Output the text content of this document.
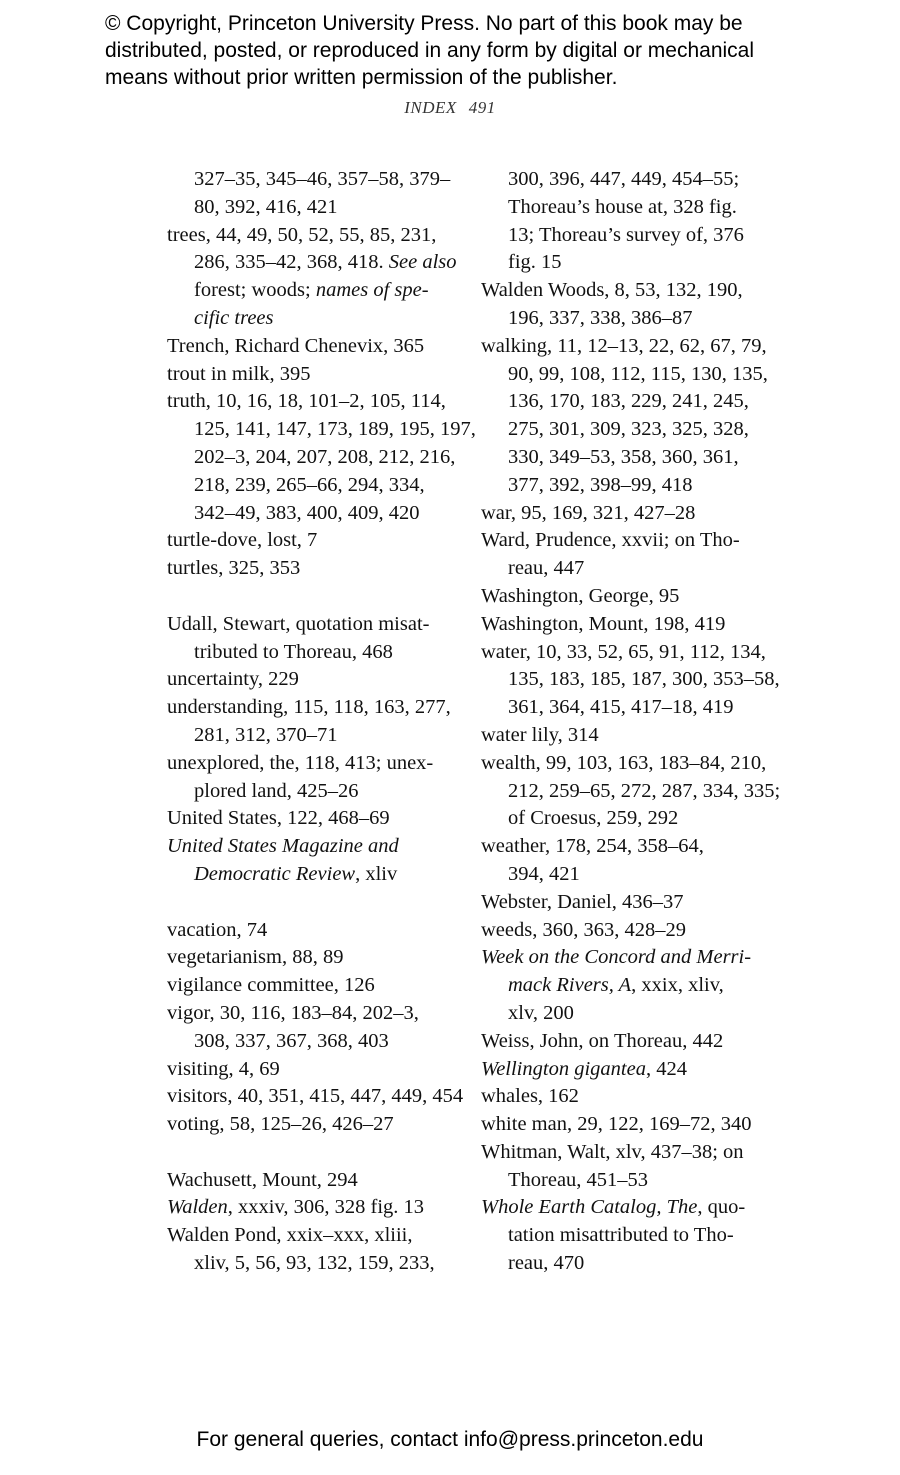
© Copyright, Princeton University Press. No part of this book may be

distributed, posted, or reproduced in any form by digital or mechanical

means without prior written permission of the publisher.

INDEX 491
327–35, 345–46, 357–58, 379–
80, 392, 416, 421
trees, 44, 49, 50, 52, 55, 85, 231,
286, 335–42, 368, 418. See also
forest; woods; names of spe-
cific trees
Trench, Richard Chenevix, 365
trout in milk, 395
truth, 10, 16, 18, 101–2, 105, 114,
125, 141, 147, 173, 189, 195, 197,
202–3, 204, 207, 208, 212, 216,
218, 239, 265–66, 294, 334,
342–49, 383, 400, 409, 420
turtle-dove, lost, 7
turtles, 325, 353
Udall, Stewart, quotation misat-
tributed to Thoreau, 468
uncertainty, 229
understanding, 115, 118, 163, 277,
281, 312, 370–71
unexplored, the, 118, 413; unex-
plored land, 425–26
United States, 122, 468–69
United States Magazine and
Democratic Review, xliv
vacation, 74
vegetarianism, 88, 89
vigilance committee, 126
vigor, 30, 116, 183–84, 202–3,
308, 337, 367, 368, 403
visiting, 4, 69
visitors, 40, 351, 415, 447, 449, 454
voting, 58, 125–26, 426–27
Wachusett, Mount, 294
Walden, xxxiv, 306, 328 fig. 13
Walden Pond, xxix–xxx, xliii,
xliv, 5, 56, 93, 132, 159, 233,
300, 396, 447, 449, 454–55;
Thoreau’s house at, 328 fig.
13; Thoreau’s survey of, 376
fig. 15
Walden Woods, 8, 53, 132, 190,
196, 337, 338, 386–87
walking, 11, 12–13, 22, 62, 67, 79,
90, 99, 108, 112, 115, 130, 135,
136, 170, 183, 229, 241, 245,
275, 301, 309, 323, 325, 328,
330, 349–53, 358, 360, 361,
377, 392, 398–99, 418
war, 95, 169, 321, 427–28
Ward, Prudence, xxvii; on Tho-
reau, 447
Washington, George, 95
Washington, Mount, 198, 419
water, 10, 33, 52, 65, 91, 112, 134,
135, 183, 185, 187, 300, 353–58,
361, 364, 415, 417–18, 419
water lily, 314
wealth, 99, 103, 163, 183–84, 210,
212, 259–65, 272, 287, 334, 335;
of Croesus, 259, 292
weather, 178, 254, 358–64,
394, 421
Webster, Daniel, 436–37
weeds, 360, 363, 428–29
Week on the Concord and Merri-
mack Rivers, A, xxix, xliv,
xlv, 200
Weiss, John, on Thoreau, 442
Wellington gigantea, 424
whales, 162
white man, 29, 122, 169–72, 340
Whitman, Walt, xlv, 437–38; on
Thoreau, 451–53
Whole Earth Catalog, The, quo-
tation misattributed to Tho-
reau, 470
For general queries, contact info@press.princeton.edu
